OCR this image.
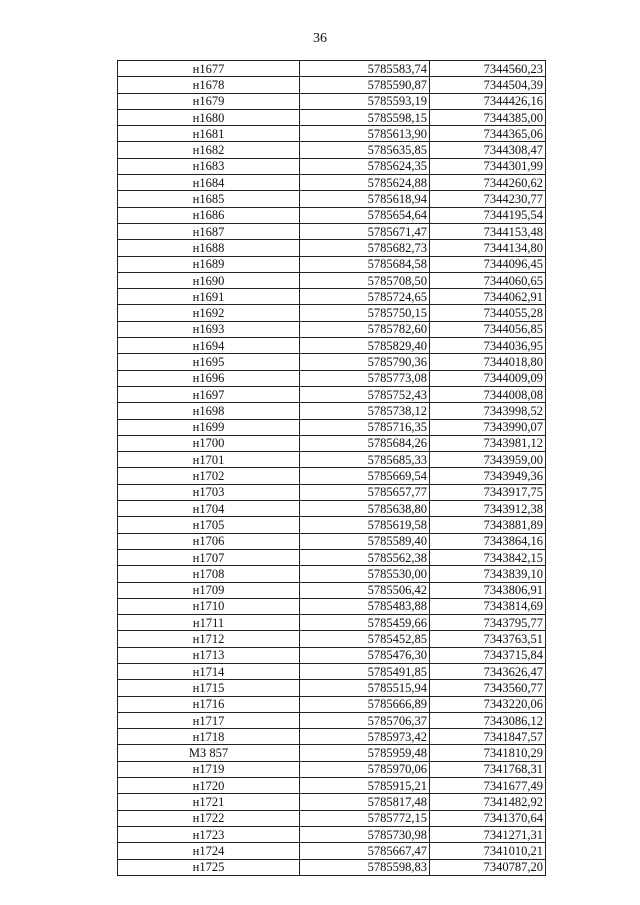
36
н1677	5785583,74	7344560,23
н1678	5785590,87	7344504,39
н1679	5785593,19	7344426,16
н1680	5785598,15	7344385,00
н1681	5785613,90	7344365,06
н1682	5785635,85	7344308,47
н1683	5785624,35	7344301,99
н1684	5785624,88	7344260,62
н1685	5785618,94	7344230,77
н1686	5785654,64	7344195,54
н1687	5785671,47	7344153,48
н1688	5785682,73	7344134,80
н1689	5785684,58	7344096,45
н1690	5785708,50	7344060,65
н1691	5785724,65	7344062,91
н1692	5785750,15	7344055,28
н1693	5785782,60	7344056,85
н1694	5785829,40	7344036,95
н1695	5785790,36	7344018,80
н1696	5785773,08	7344009,09
н1697	5785752,43	7344008,08
н1698	5785738,12	7343998,52
н1699	5785716,35	7343990,07
н1700	5785684,26	7343981,12
н1701	5785685,33	7343959,00
н1702	5785669,54	7343949,36
н1703	5785657,77	7343917,75
н1704	5785638,80	7343912,38
н1705	5785619,58	7343881,89
н1706	5785589,40	7343864,16
н1707	5785562,38	7343842,15
н1708	5785530,00	7343839,10
н1709	5785506,42	7343806,91
н1710	5785483,88	7343814,69
н1711	5785459,66	7343795,77
н1712	5785452,85	7343763,51
н1713	5785476,30	7343715,84
н1714	5785491,85	7343626,47
н1715	5785515,94	7343560,77
н1716	5785666,89	7343220,06
н1717	5785706,37	7343086,12
н1718	5785973,42	7341847,57
МЗ 857	5785959,48	7341810,29
н1719	5785970,06	7341768,31
н1720	5785915,21	7341677,49
н1721	5785817,48	7341482,92
н1722	5785772,15	7341370,64
н1723	5785730,98	7341271,31
н1724	5785667,47	7341010,21
н1725	5785598,83	7340787,20
